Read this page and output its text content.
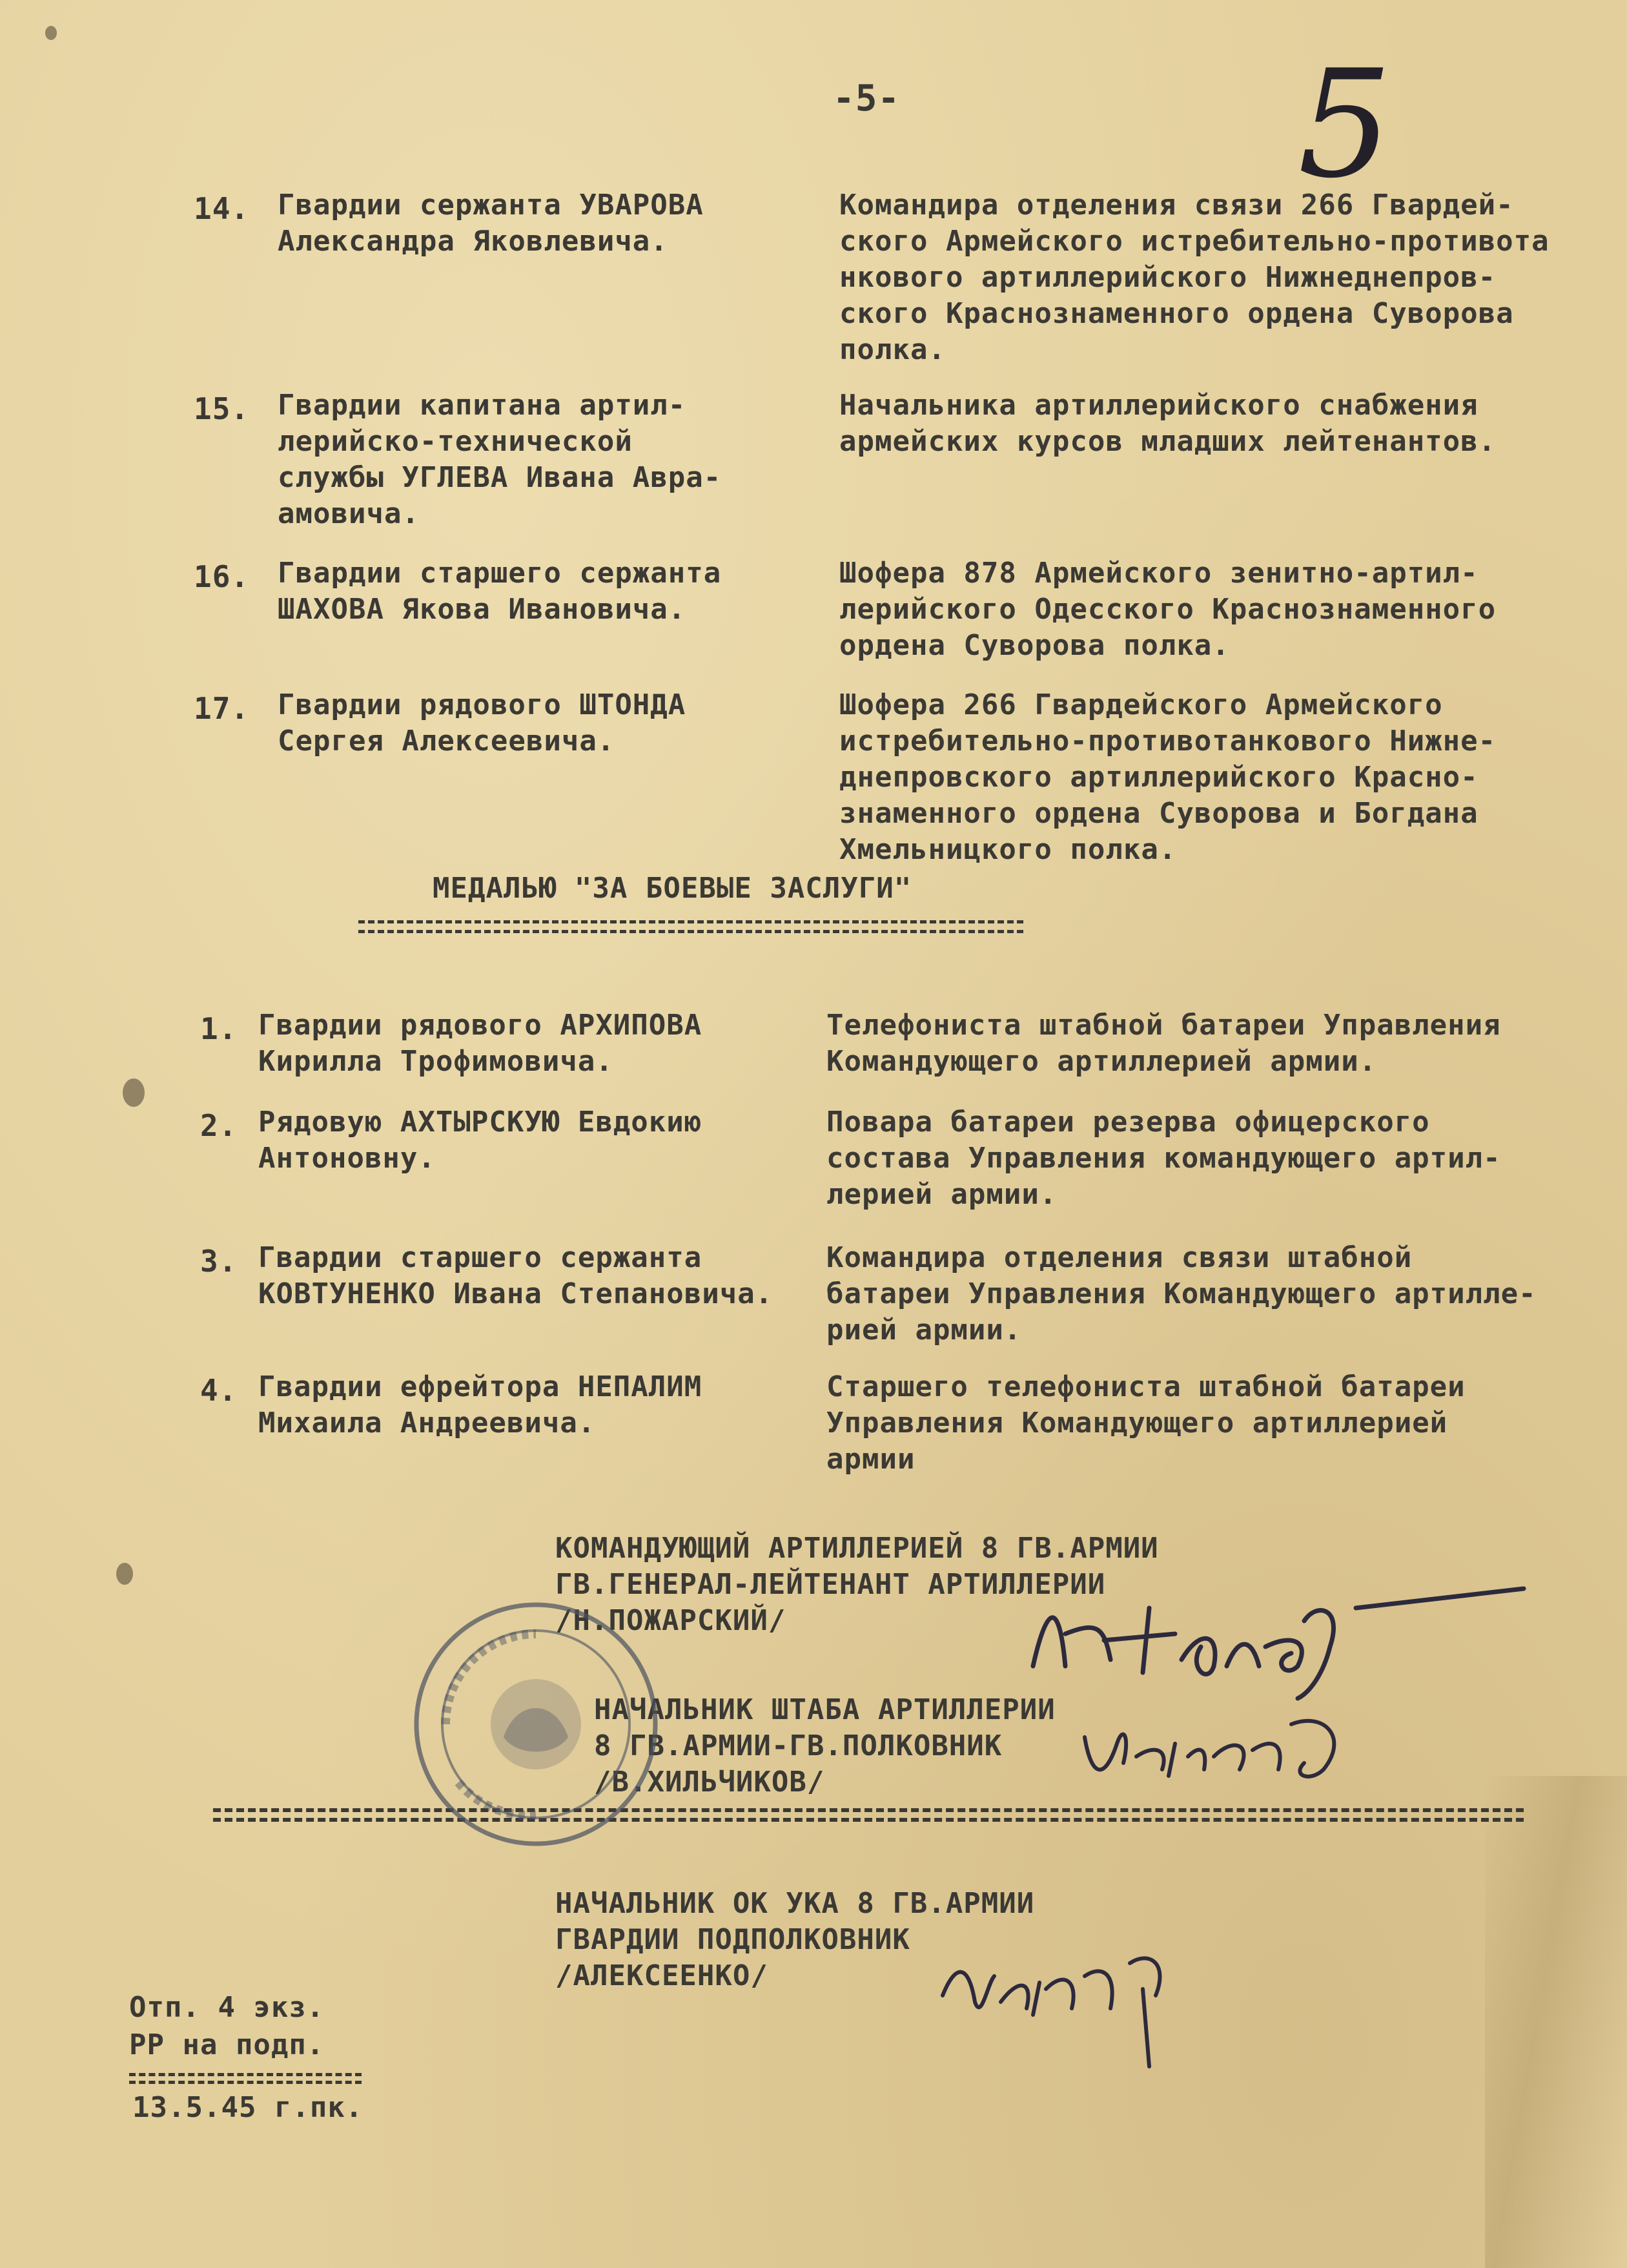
-5-	5
14. Гвардии сержанта УВАРОВА
Александра Яковлевича.
Командира отделения связи 266 Гвардей-
ского Армейского истребительно-противота
нкового артиллерийского Нижнеднепров-
ского Краснознаменного ордена Суворова
полка.
15. Гвардии капитана артил-
лерийско-технической
службы УГЛЕВА Ивана Авра-
амовича.
Начальника артиллерийского снабжения
армейских курсов младших лейтенантов.
16. Гвардии старшего сержанта
ШАХОВА Якова Ивановича.
Шофера 878 Армейского зенитно-артил-
лерийского Одесского Краснознаменного
ордена Суворова полка.
17. Гвардии рядового ШТОНДА
Сергея Алексеевича.
Шофера 266 Гвардейского Армейского
истребительно-противотанкового Нижне-
днепровского артиллерийского Красно-
знаменного ордена Суворова и Богдана
Хмельницкого полка.
МЕДАЛЬЮ "ЗА БОЕВЫЕ ЗАСЛУГИ"
1. Гвардии рядового АРХИПОВА
Кирилла Трофимовича.
Телефониста штабной батареи Управления
Командующего артиллерией армии.
2. Рядовую АХТЫРСКУЮ Евдокию
Антоновну.
Повара батареи резерва офицерского
состава Управления командующего артил-
лерией армии.
3. Гвардии старшего сержанта
КОВТУНЕНКО Ивана Степановича.
Командира отделения связи штабной
батареи Управления Командующего артилле-
рией армии.
4. Гвардии ефрейтора НЕПАЛИМ
Михаила Андреевича.
Старшего телефониста штабной батареи
Управления Командующего артиллерией
армии
КОМАНДУЮЩИЙ АРТИЛЛЕРИЕЙ 8 ГВ.АРМИИ
ГВ.ГЕНЕРАЛ-ЛЕЙТЕНАНТ АРТИЛЛЕРИИ
/Н.ПОЖАРСКИЙ/
НАЧАЛЬНИК ШТАБА АРТИЛЛЕРИИ
8 ГВ.АРМИИ-ГВ.ПОЛКОВНИК
/В.ХИЛЬЧИКОВ/
НАЧАЛЬНИК ОК УКА 8 ГВ.АРМИИ
ГВАРДИИ ПОДПОЛКОВНИК
/АЛЕКСЕЕНКО/
Отп. 4 экз.
РР на подп.
13.5.45 г.пк.
